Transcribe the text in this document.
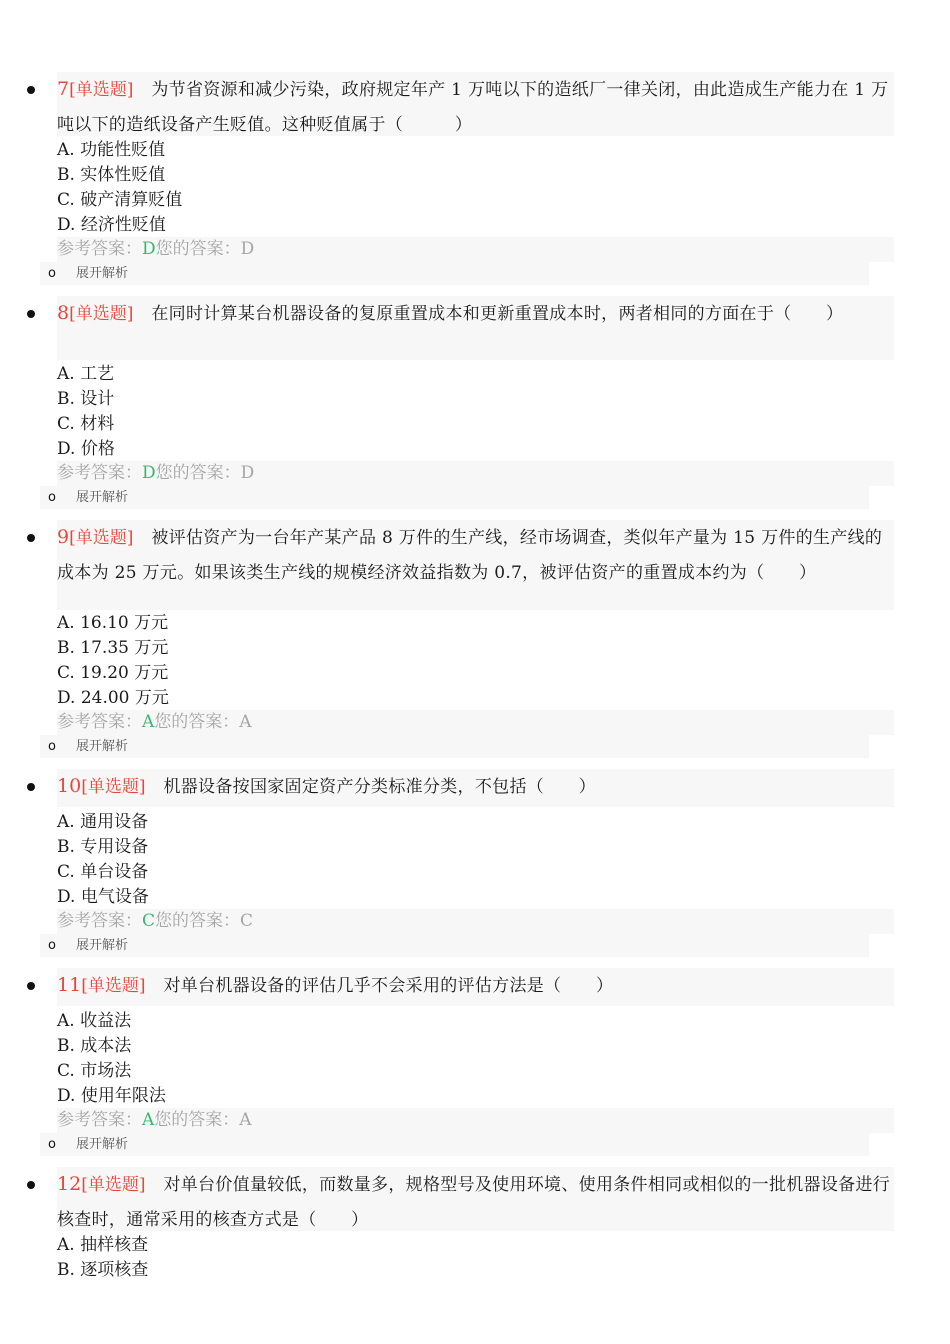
7[单选题] 为节省资源和减少污染，政府规定年产 1 万吨以下的造纸厂一律关闭，由此造成生产能力在 1 万吨以下的造纸设备产生贬值。这种贬值属于（　　　）
A. 功能性贬值
B. 实体性贬值
C. 破产清算贬值
D. 经济性贬值
参考答案：D您的答案：D
o 展开解析
8[单选题] 在同时计算某台机器设备的复原重置成本和更新重置成本时，两者相同的方面在于（　　）
A. 工艺
B. 设计
C. 材料
D. 价格
参考答案：D您的答案：D
o 展开解析
9[单选题] 被评估资产为一台年产某产品 8 万件的生产线，经市场调查，类似年产量为 15 万件的生产线的成本为 25 万元。如果该类生产线的规模经济效益指数为 0.7，被评估资产的重置成本约为（　　）
A. 16.10 万元
B. 17.35 万元
C. 19.20 万元
D. 24.00 万元
参考答案：A您的答案：A
o 展开解析
10[单选题] 机器设备按国家固定资产分类标准分类，不包括（　　）
A. 通用设备
B. 专用设备
C. 单台设备
D. 电气设备
参考答案：C您的答案：C
o 展开解析
11[单选题] 对单台机器设备的评估几乎不会采用的评估方法是（　　）
A. 收益法
B. 成本法
C. 市场法
D. 使用年限法
参考答案：A您的答案：A
o 展开解析
12[单选题] 对单台价值量较低，而数量多，规格型号及使用环境、使用条件相同或相似的一批机器设备进行核查时，通常采用的核查方式是（　　）
A. 抽样核查
B. 逐项核查
